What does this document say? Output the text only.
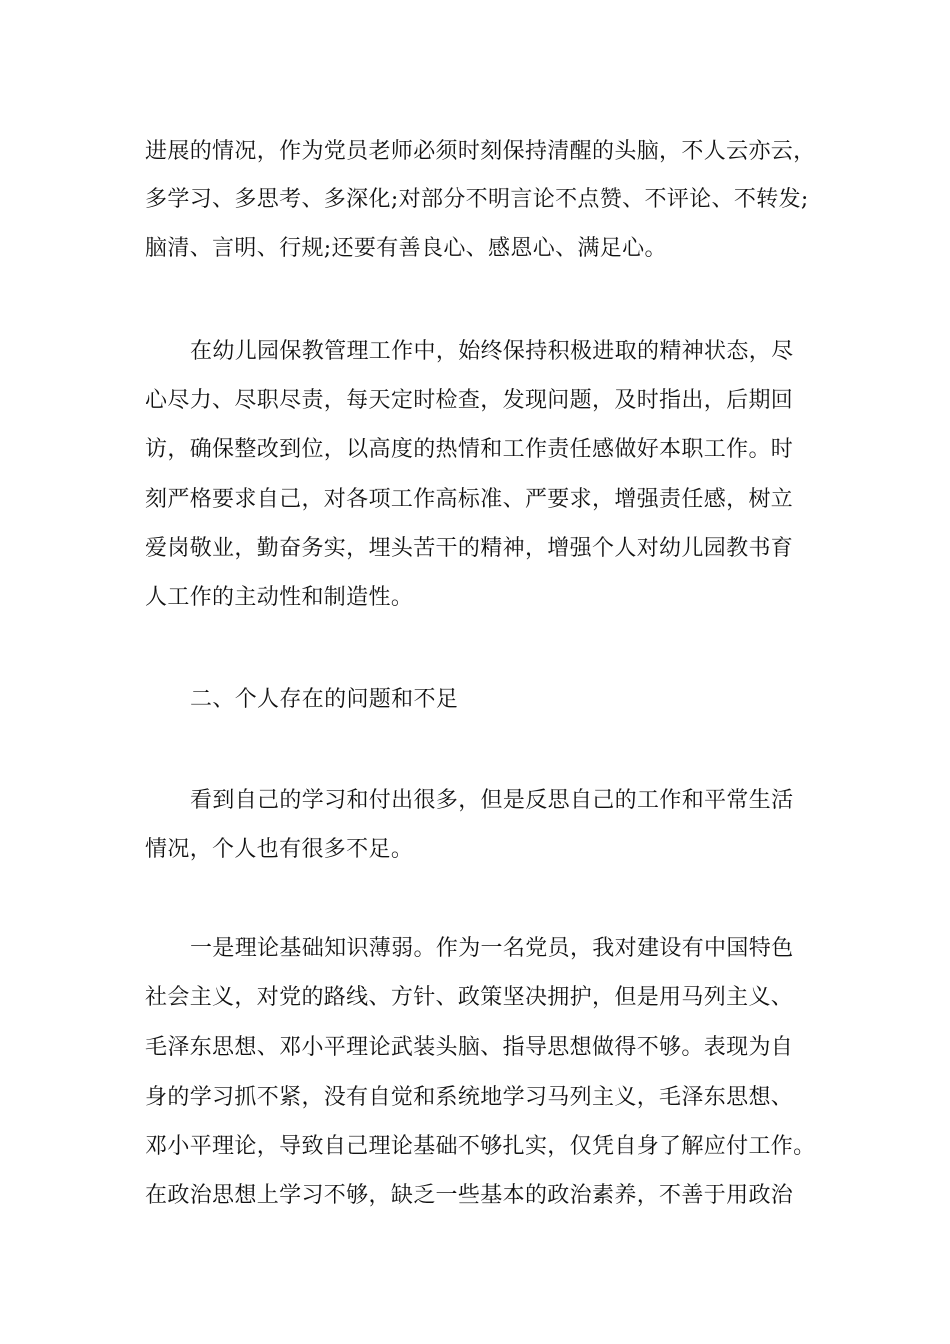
进展的情况，作为党员老师必须时刻保持清醒的头脑，不人云亦云，
多学习、多思考、多深化;对部分不明言论不点赞、不评论、不转发;
脑清、言明、行规;还要有善良心、感恩心、满足心。
在幼儿园保教管理工作中，始终保持积极进取的精神状态，尽
心尽力、尽职尽责，每天定时检查，发现问题，及时指出，后期回
访，确保整改到位，以高度的热情和工作责任感做好本职工作。时
刻严格要求自己，对各项工作高标准、严要求，增强责任感，树立
爱岗敬业，勤奋务实，埋头苦干的精神，增强个人对幼儿园教书育
人工作的主动性和制造性。
二、个人存在的问题和不足
看到自己的学习和付出很多，但是反思自己的工作和平常生活
情况，个人也有很多不足。
一是理论基础知识薄弱。作为一名党员，我对建设有中国特色
社会主义，对党的路线、方针、政策坚决拥护，但是用马列主义、
毛泽东思想、邓小平理论武装头脑、指导思想做得不够。表现为自
身的学习抓不紧，没有自觉和系统地学习马列主义，毛泽东思想、
邓小平理论，导致自己理论基础不够扎实，仅凭自身了解应付工作。
在政治思想上学习不够，缺乏一些基本的政治素养，不善于用政治
